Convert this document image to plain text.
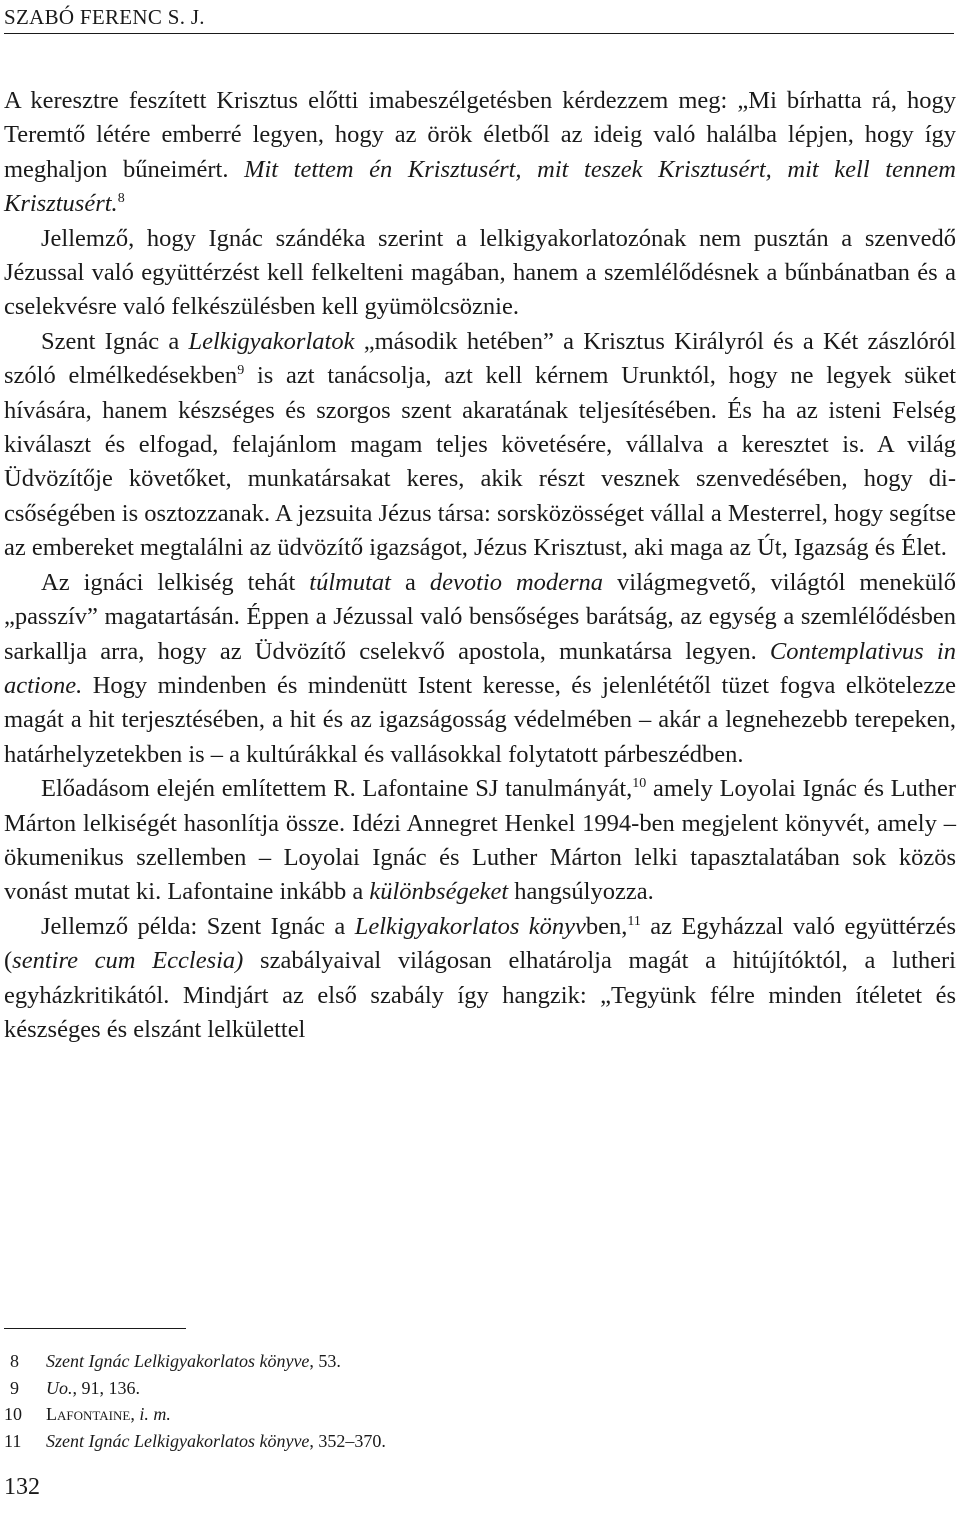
SZABÓ FERENC S. J.

A keresztre feszített Krisztus előtti imabeszélgetésben kérdezzem meg: „Mi bírhatta rá, hogy Teremtő létére emberré legyen, hogy az örök életből az ideig való halálba lépjen, hogy így meghaljon bűneimért. Mit tettem én Krisztusért, mit teszek Krisztusért, mit kell tennem Krisztusért.$^8$

Jellemző, hogy Ignác szándéka szerint a lelkigyakorlatozónak nem pusztán a szenvedő Jézussal való együttérzést kell felkelteni magában, hanem a szemlélődésnek a bűnbánatban és a cselekvésre való felkészülésben kell gyümölcsöznie.

Szent Ignác a Lelkigyakorlatok „második hetében” a Krisztus Királyról és a Két zászlóról szóló elmélkedésekben$^9$ is azt tanácsolja, azt kell kérnem Urunktól, hogy ne legyek süket hívására, hanem készséges és szorgos szent akaratának teljesítésében. És ha az isteni Felség kiválaszt és elfogad, felajánlom magam teljes követésére, vállalva a keresztet is. A világ Üdvözítője követőket, munkatársakat keres, akik részt vesznek szenvedésében, hogy dicsőségében is osztozzanak. A jezsuita Jézus társa: sorsközösséget vállal a Mesterrel, hogy segítse az embereket megtalálni az üdvözítő igazságot, Jézus Krisztust, aki maga az Út, Igazság és Élet.

Az ignáci lelkiség tehát túlmutat a devotio moderna világmegvető, világtól menekülő „passzív” magatartásán. Éppen a Jézussal való bensőséges barátság, az egység a szemlélődésben sarkallja arra, hogy az Üdvözítő cselekvő apostola, munkatársa legyen. Contemplativus in actione. Hogy mindenben és mindenütt Istent keresse, és jelenlététől tüzet fogva elkötelezze magát a hit terjesztésében, a hit és az igazságosság védelmében – akár a legnehezebb terepeken, határhelyzetekben is – a kultúrákkal és vallásokkal folytatott párbeszédben.

Előadásom elején említettem R. Lafontaine SJ tanulmányát,$^{10}$ amely Loyolai Ignác és Luther Márton lelkiségét hasonlítja össze. Idézi Annegret Henkel 1994-ben megjelent könyvét, amely – ökumenikus szellemben – Loyolai Ignác és Luther Márton lelki tapasztalatában sok közös vonást mutat ki. Lafontaine inkább a különbségeket hangsúlyozza.

Jellemző példa: Szent Ignác a Lelkigyakorlatos könyvben,$^{11}$ az Egyházzal való együttérzés (sentire cum Ecclesia) szabályaival világosan elhatárolja magát a hitújítóktól, a lutheri egyházkritikától. Mindjárt az első szabály így hangzik: „Tegyünk félre minden ítéletet és készséges és elszánt lelkülettel

8	Szent Ignác Lelkigyakorlatos könyve, 53.
9	Uo., 91, 136.
10	Lafontaine, i. m.
11	Szent Ignác Lelkigyakorlatos könyve, 352–370.
132
